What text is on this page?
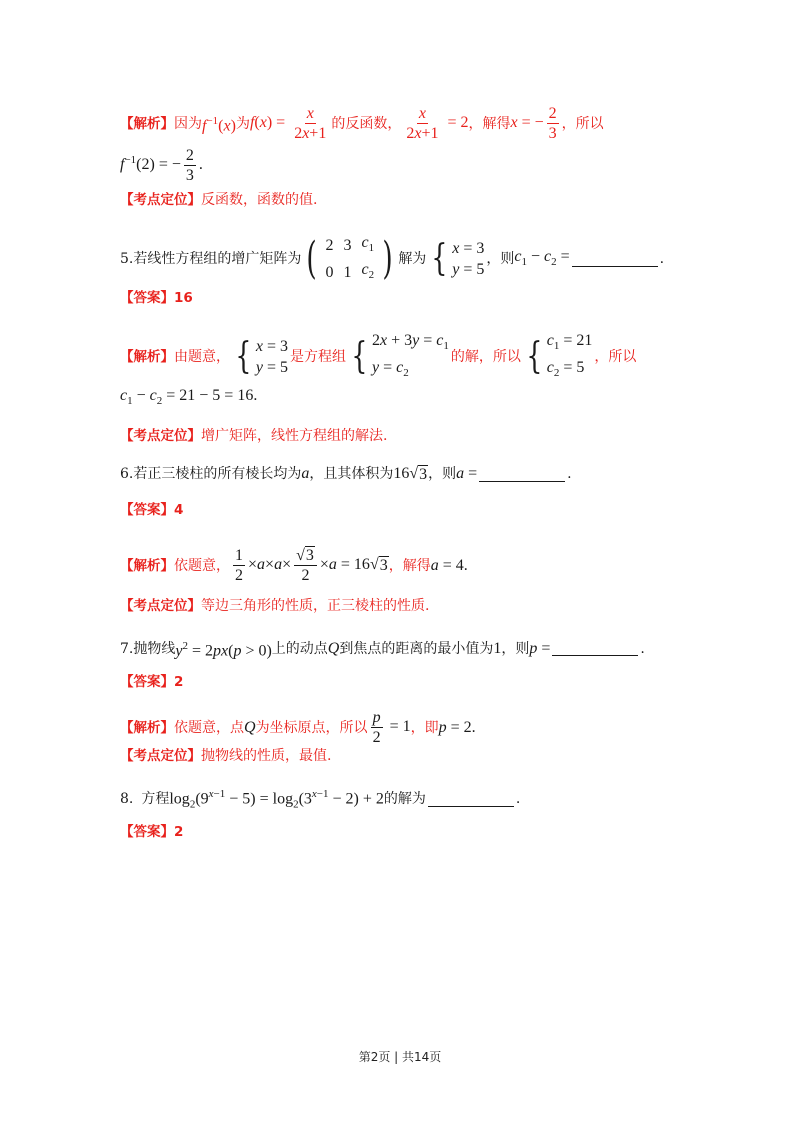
【解析】 因为 $f^{-1}(x)$ 为 $f(x) = \frac{x}{2x+1}$ 的反函数， $\frac{x}{2x+1} = 2$ ，解得 x = − $\frac{2}{3}$ ，所以
$f^{-1}(2)$ = − $\frac{2}{3}$ .
【考点定位】 反函数，函数的值.
5. 若线性方程组的增广矩阵为 ( 2	3	$c_1$
0	1	$c_2$ ) 解为 { x = 3
y = 5
，则 $c_1 - c_2$ =	.
【答案】 16
【解析】 由题意， { x = 3
y = 5
是方程组 { $2x + 3y = c_1$
$y = c_2$
的解，所以 { $c_1 = 21$
$c_2 = 5$
，所以
$c_1 - c_2 = 21 - 5 = 16$.
【考点定位】 增广矩阵，线性方程组的解法.
6. 若正三棱柱的所有棱长均为 a ，且其体积为 16√ 3 ，则 a =	.
【答案】 4
【解析】 依题意， $\frac{1}{2} \times a\times a\times \frac{√ 3}{2} \times a = 16√$ 3 ，解得 a = 4.
【考点定位】 等边三角形的性质，正三棱柱的性质.
7. 抛物线 $y^2 = 2px(p > 0)$ 上的动点 Q 到焦点的距离的最小值为 1 ，则 p =	.
【答案】 2
【解析】 依题意，点 Q 为坐标原点，所以 $\frac{p}{2} = 1$ ，即 p = 2.
【考点定位】 抛物线的性质，最值.
8. 方程 $\log_2(9^{x-1} - 5) = \log_2(3^{x-1} - 2) + 2$ 的解为	.
【答案】 2
第2页 | 共14页
